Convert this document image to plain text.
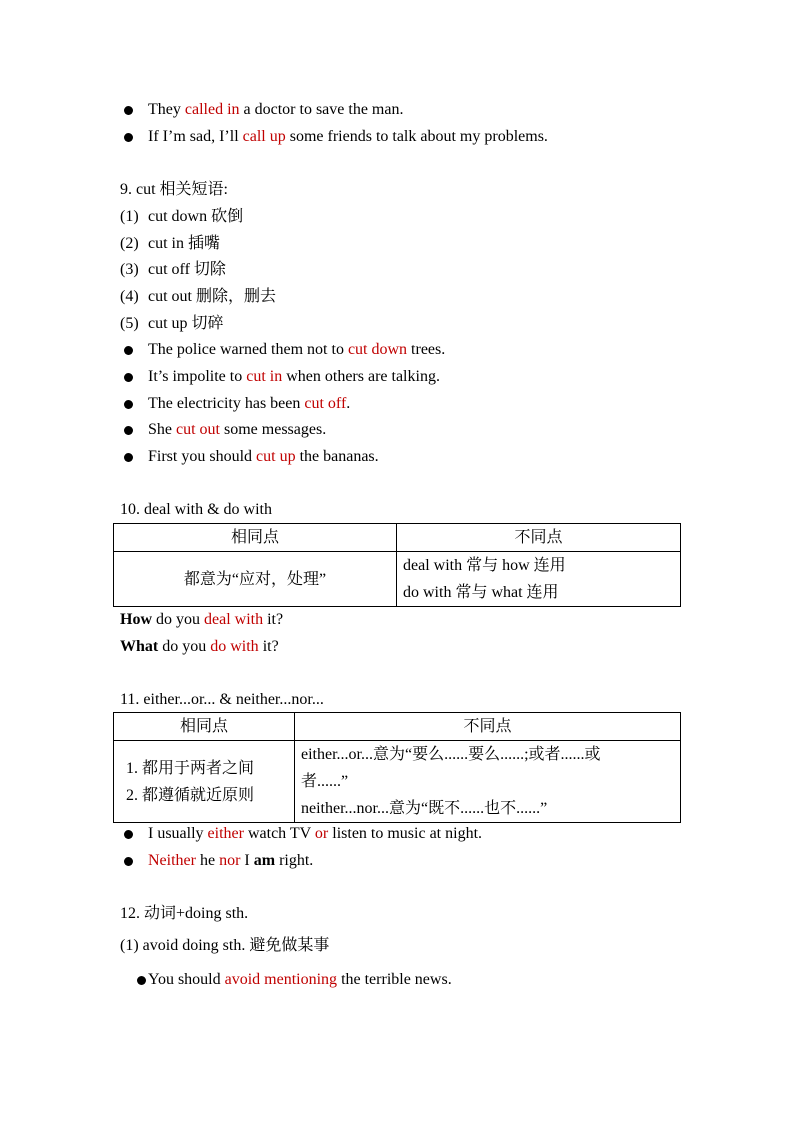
They called in a doctor to save the man.
If I’m sad, I’ll call up some friends to talk about my problems.
9. cut 相关短语:
(1) cut down 砍倒
(2) cut in 插嘴
(3) cut off 切除
(4) cut out 删除，删去
(5) cut up 切碎
The police warned them not to cut down trees.
It’s impolite to cut in when others are talking.
The electricity has been cut off.
She cut out some messages.
First you should cut up the bananas.
10. deal with & do with
相同点	不同点
都意为“应对，处理”	deal with 常与 how 连用
do with 常与 what 连用
How do you deal with it?
What do you do with it?
11. either...or... & neither...nor...
相同点	不同点

1. 都用于两者之间
2. 都遵循就近原则	either...or...意为“要么......要么......;或者......或
者......”
neither...nor...意为“既不......也不......”
I usually either watch TV or listen to music at night.
Neither he nor I am right.
12. 动词+doing sth.
(1) avoid doing sth. 避免做某事
You should avoid mentioning the terrible news.
